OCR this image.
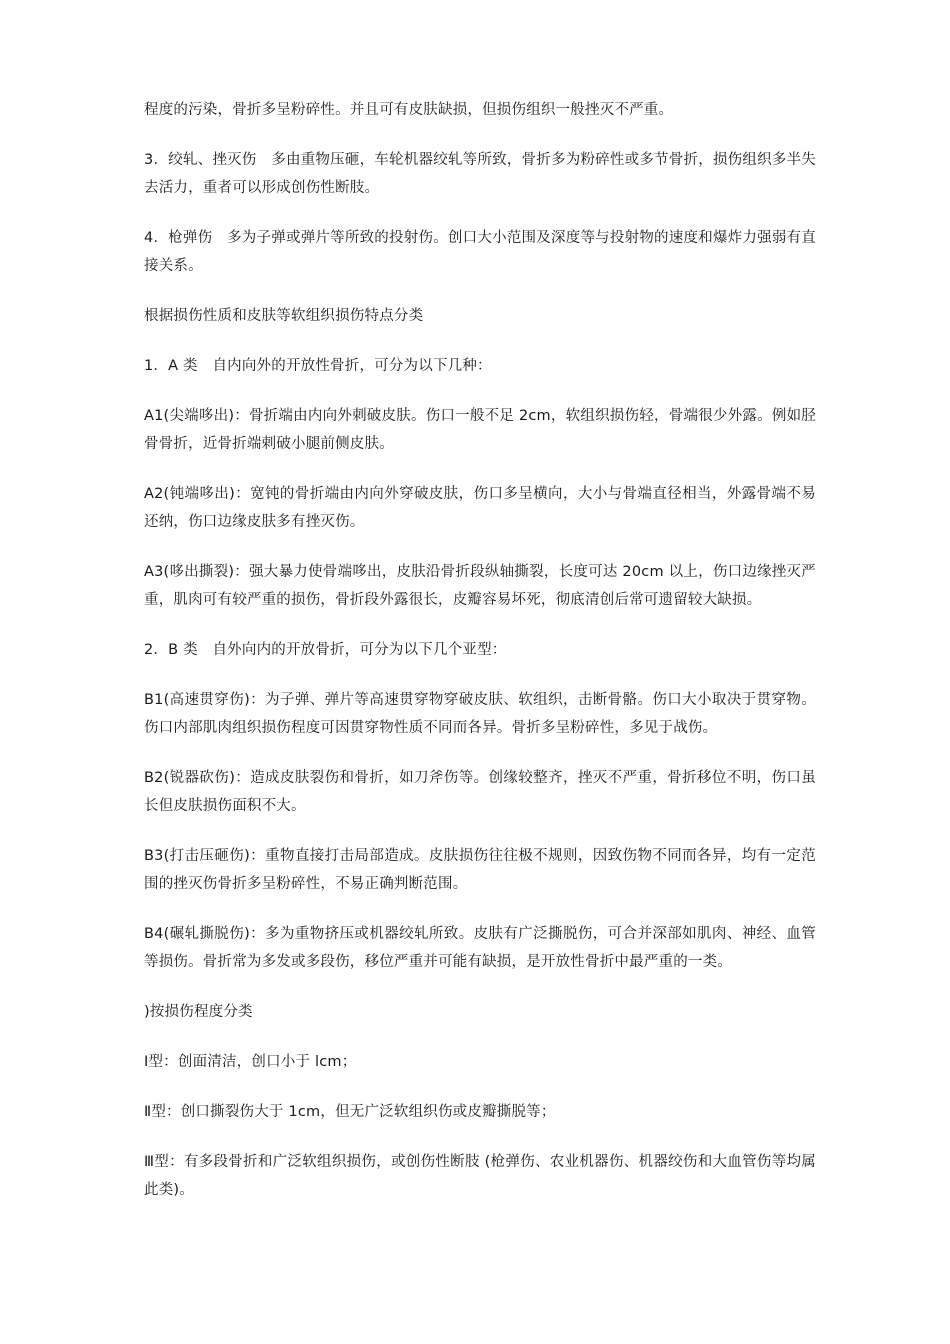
程度的污染，骨折多呈粉碎性。并且可有皮肤缺损，但损伤组织一般挫灭不严重。

3．绞轧、挫灭伤　多由重物压砸，车轮机器绞轧等所致，骨折多为粉碎性或多节骨折，损伤组织多半失去活力，重者可以形成创伤性断肢。

4．枪弹伤　多为子弹或弹片等所致的投射伤。创口大小范围及深度等与投射物的速度和爆炸力强弱有直接关系。

根据损伤性质和皮肤等软组织损伤特点分类

1．A 类　自内向外的开放性骨折，可分为以下几种：

A1(尖端哆出)：骨折端由内向外刺破皮肤。伤口一般不足 2cm，软组织损伤轻，骨端很少外露。例如胫骨骨折，近骨折端剌破小腿前侧皮肤。

A2(钝端哆出)：宽钝的骨折端由内向外穿破皮肤，伤口多呈横向，大小与骨端直径相当，外露骨端不易还纳，伤口边缘皮肤多有挫灭伤。

A3(哆出撕裂)：强大暴力使骨端哆出，皮肤沿骨折段纵轴撕裂，长度可达 20cm 以上，伤口边缘挫灭严重，肌肉可有较严重的损伤，骨折段外露很长，皮瓣容易坏死，彻底清创后常可遗留较大缺损。

2．B 类　自外向内的开放骨折，可分为以下几个亚型：

B1(高速贯穿伤)：为子弹、弹片等高速贯穿物穿破皮肤、软组织，击断骨骼。伤口大小取决于贯穿物。伤口内部肌肉组织损伤程度可因贯穿物性质不同而各异。骨折多呈粉碎性，多见于战伤。

B2(锐器砍伤)：造成皮肤裂伤和骨折，如刀斧伤等。创缘较整齐，挫灭不严重，骨折移位不明，伤口虽长但皮肤损伤面积不大。

B3(打击压砸伤)：重物直接打击局部造成。皮肤损伤往往极不规则，因致伤物不同而各异，均有一定范围的挫灭伤骨折多呈粉碎性，不易正确判断范围。

B4(碾轧撕脱伤)：多为重物挤压或机器绞轧所致。皮肤有广泛撕脱伤，可合并深部如肌肉、神经、血管等损伤。骨折常为多发或多段伤，移位严重并可能有缺损，是开放性骨折中最严重的一类。

)按损伤程度分类

Ⅰ型：创面清洁，创口小于 lcm；

Ⅱ型：创口撕裂伤大于 1cm，但无广泛软组织伤或皮瓣撕脱等；

Ⅲ型：有多段骨折和广泛软组织损伤，或创伤性断肢 (枪弹伤、农业机器伤、机器绞伤和大血管伤等均属此类)。
